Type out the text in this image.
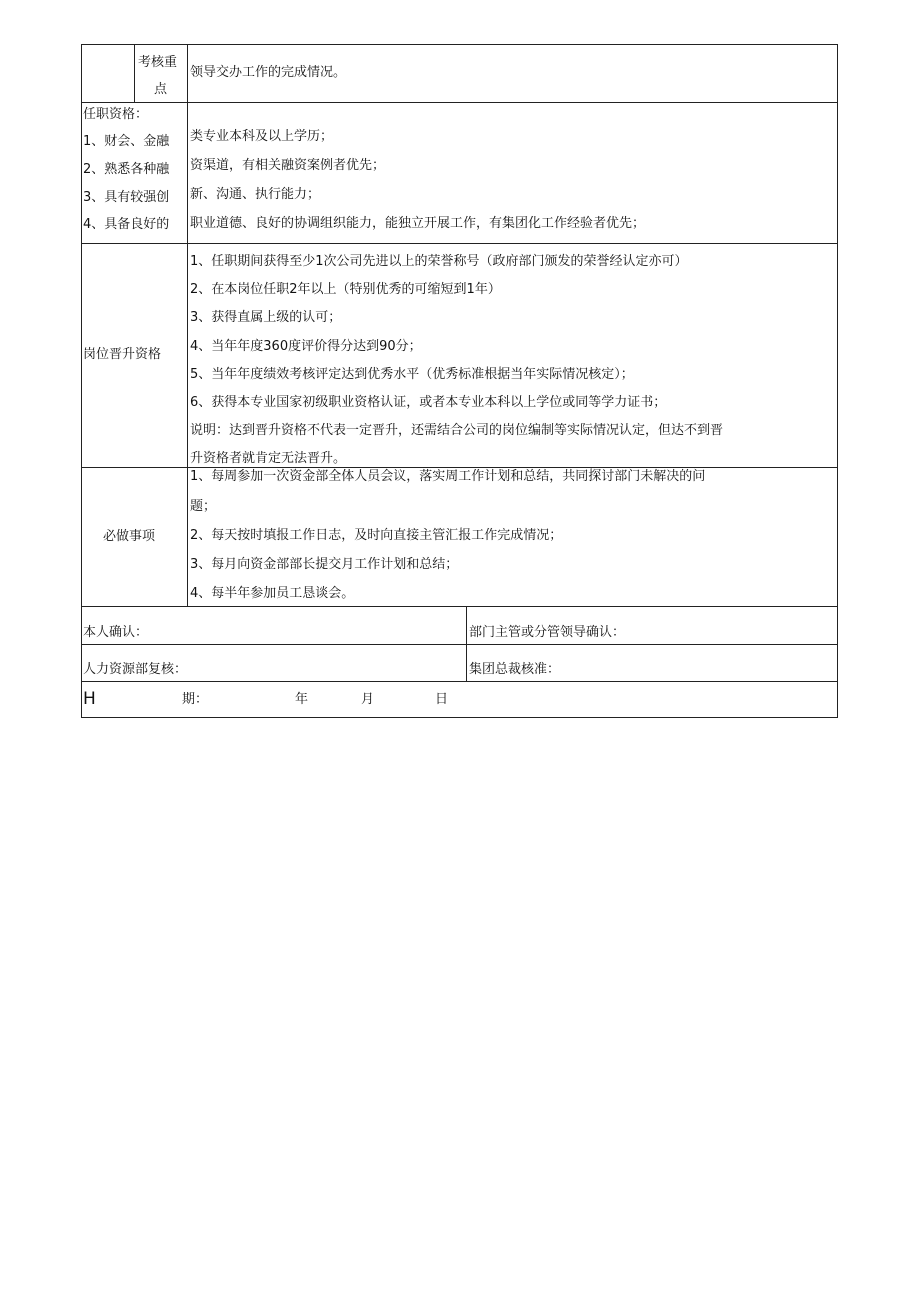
考核重
点
领导交办工作的完成情况。
任职资格：
1、财会、金融 类专业本科及以上学历；
2、熟悉各种融 资渠道，有相关融资案例者优先；
3、具有较强创 新、沟通、执行能力；
4、具备良好的 职业道德、良好的协调组织能力，能独立开展工作，有集团化工作经验者优先；
岗位晋升资格
1、任职期间获得至少1次公司先进以上的荣誉称号（政府部门颁发的荣誉经认定亦可）
2、在本岗位任职2年以上（特别优秀的可缩短到1年）
3、获得直属上级的认可；
4、当年年度360度评价得分达到90分；
5、当年年度绩效考核评定达到优秀水平（优秀标准根据当年实际情况核定）；
6、获得本专业国家初级职业资格认证，或者本专业本科以上学位或同等学力证书；
说明：达到晋升资格不代表一定晋升，还需结合公司的岗位编制等实际情况认定，但达不到晋
升资格者就肯定无法晋升。
必做事项
1、每周参加一次资金部全体人员会议，落实周工作计划和总结，共同探讨部门未解决的问
题；
2、每天按时填报工作日志，及时向直接主管汇报工作完成情况；
3、每月向资金部部长提交月工作计划和总结；
4、每半年参加员工恳谈会。
本人确认：	部门主管或分管领导确认：
人力资源部复核：	集团总裁核准：
H	期：	年	月	日
